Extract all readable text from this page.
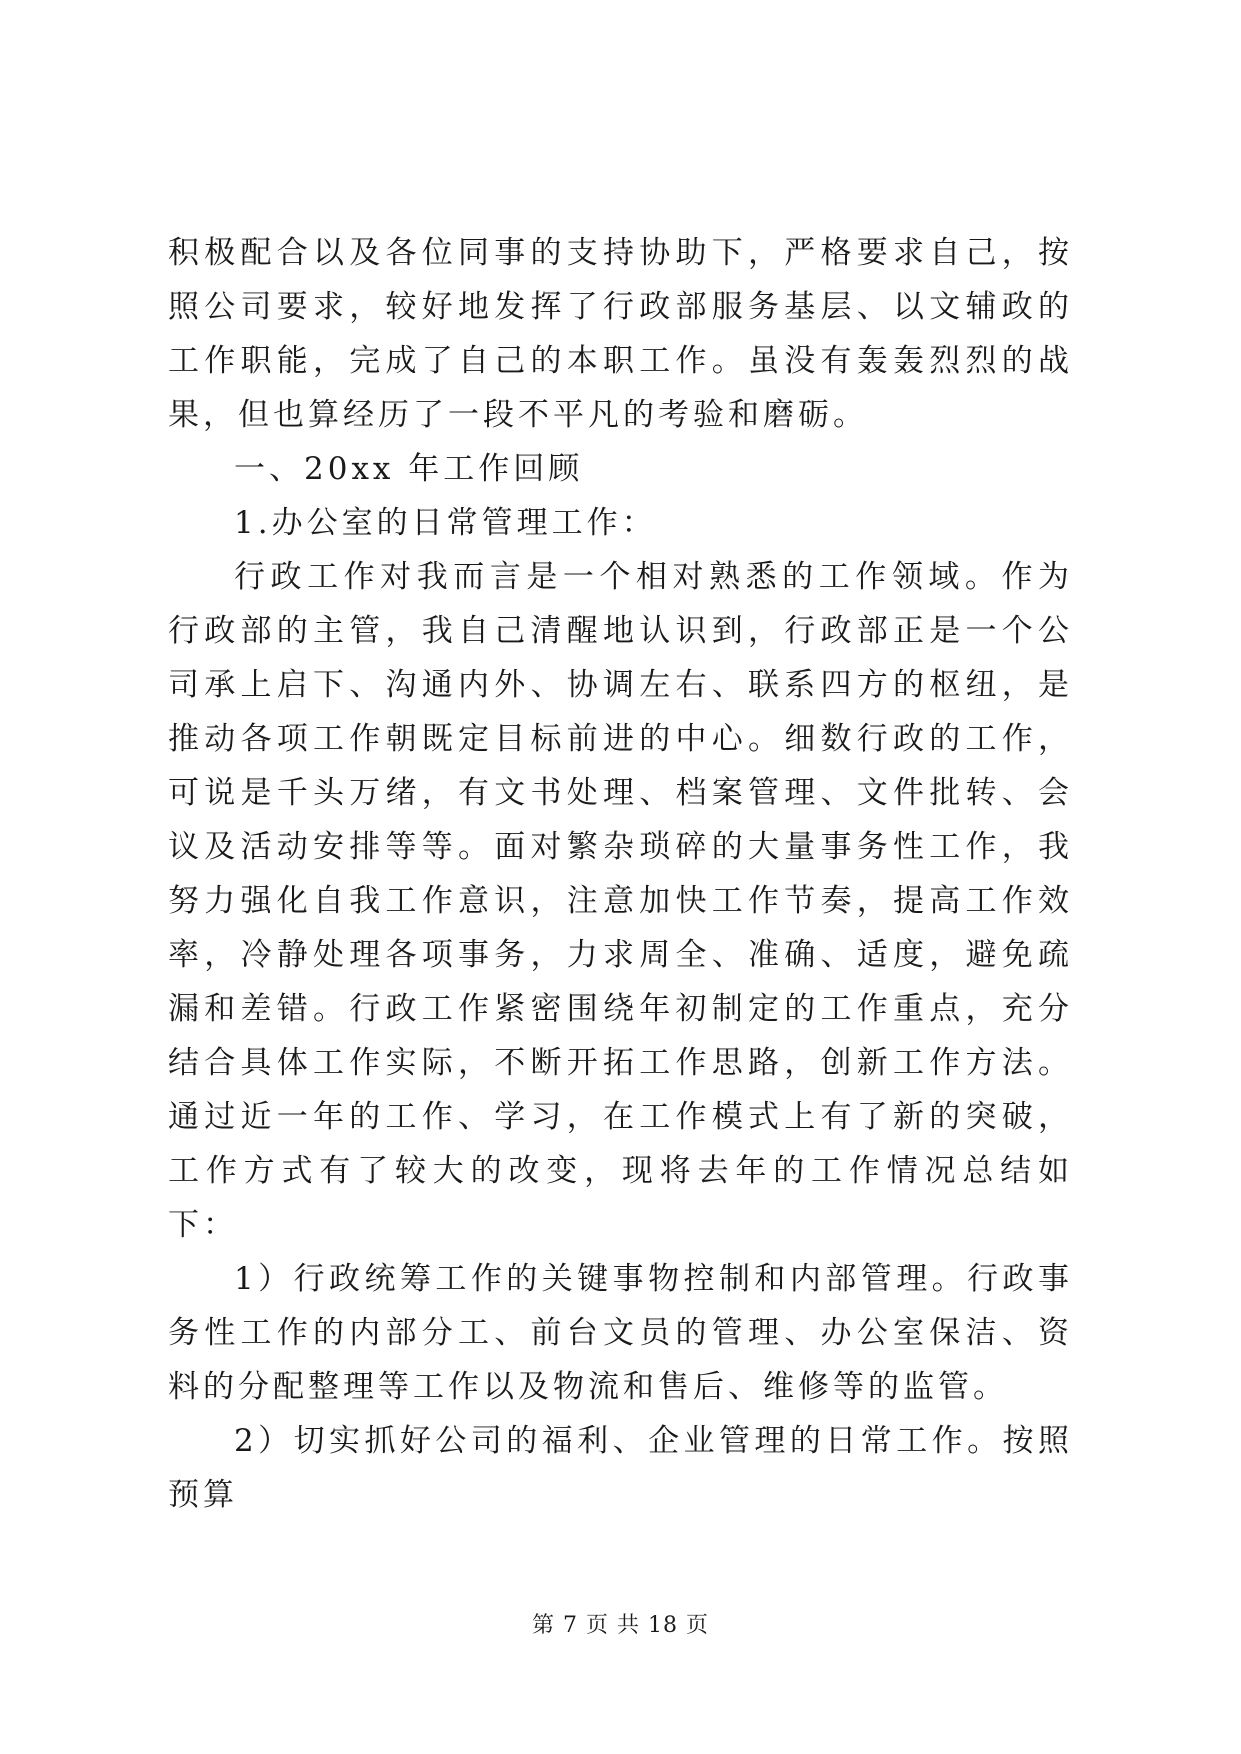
积极配合以及各位同事的支持协助下，严格要求自己，按照公司要求，较好地发挥了行政部服务基层、以文辅政的工作职能，完成了自己的本职工作。虽没有轰轰烈烈的战果，但也算经历了一段不平凡的考验和磨砺。

一、20xx 年工作回顾

1.办公室的日常管理工作：

行政工作对我而言是一个相对熟悉的工作领域。作为行政部的主管，我自己清醒地认识到，行政部正是一个公司承上启下、沟通内外、协调左右、联系四方的枢纽，是推动各项工作朝既定目标前进的中心。细数行政的工作，可说是千头万绪，有文书处理、档案管理、文件批转、会议及活动安排等等。面对繁杂琐碎的大量事务性工作，我努力强化自我工作意识，注意加快工作节奏，提高工作效率，冷静处理各项事务，力求周全、准确、适度，避免疏漏和差错。行政工作紧密围绕年初制定的工作重点，充分结合具体工作实际，不断开拓工作思路，创新工作方法。通过近一年的工作、学习，在工作模式上有了新的突破，工作方式有了较大的改变，现将去年的工作情况总结如下：

1）行政统筹工作的关键事物控制和内部管理。行政事务性工作的内部分工、前台文员的管理、办公室保洁、资料的分配整理等工作以及物流和售后、维修等的监管。

2）切实抓好公司的福利、企业管理的日常工作。按照预算

第 7 页 共 18 页
